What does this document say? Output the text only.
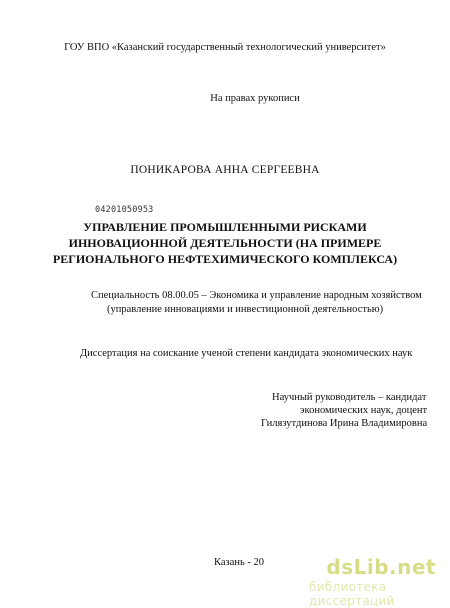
ГОУ ВПО «Казанский государственный технологический университет»
На правах рукописи
ПОНИКАРОВА АННА СЕРГЕЕВНА
04201050953
УПРАВЛЕНИЕ ПРОМЫШЛЕННЫМИ РИСКАМИ
ИННОВАЦИОННОЙ ДЕЯТЕЛЬНОСТИ (НА ПРИМЕРЕ
РЕГИОНАЛЬНОГО НЕФТЕХИМИЧЕСКОГО КОМПЛЕКСА)
Специальность 08.00.05 – Экономика и управление народным хозяйством
(управление инновациями и инвестиционной деятельностью)
Диссертация на соискание ученой степени кандидата экономических наук
Научный руководитель – кандидат
экономических наук, доцент
Гилязутдинова Ирина Владимировна
Казань - 20	dsLib.net
библиотека диссертаций
